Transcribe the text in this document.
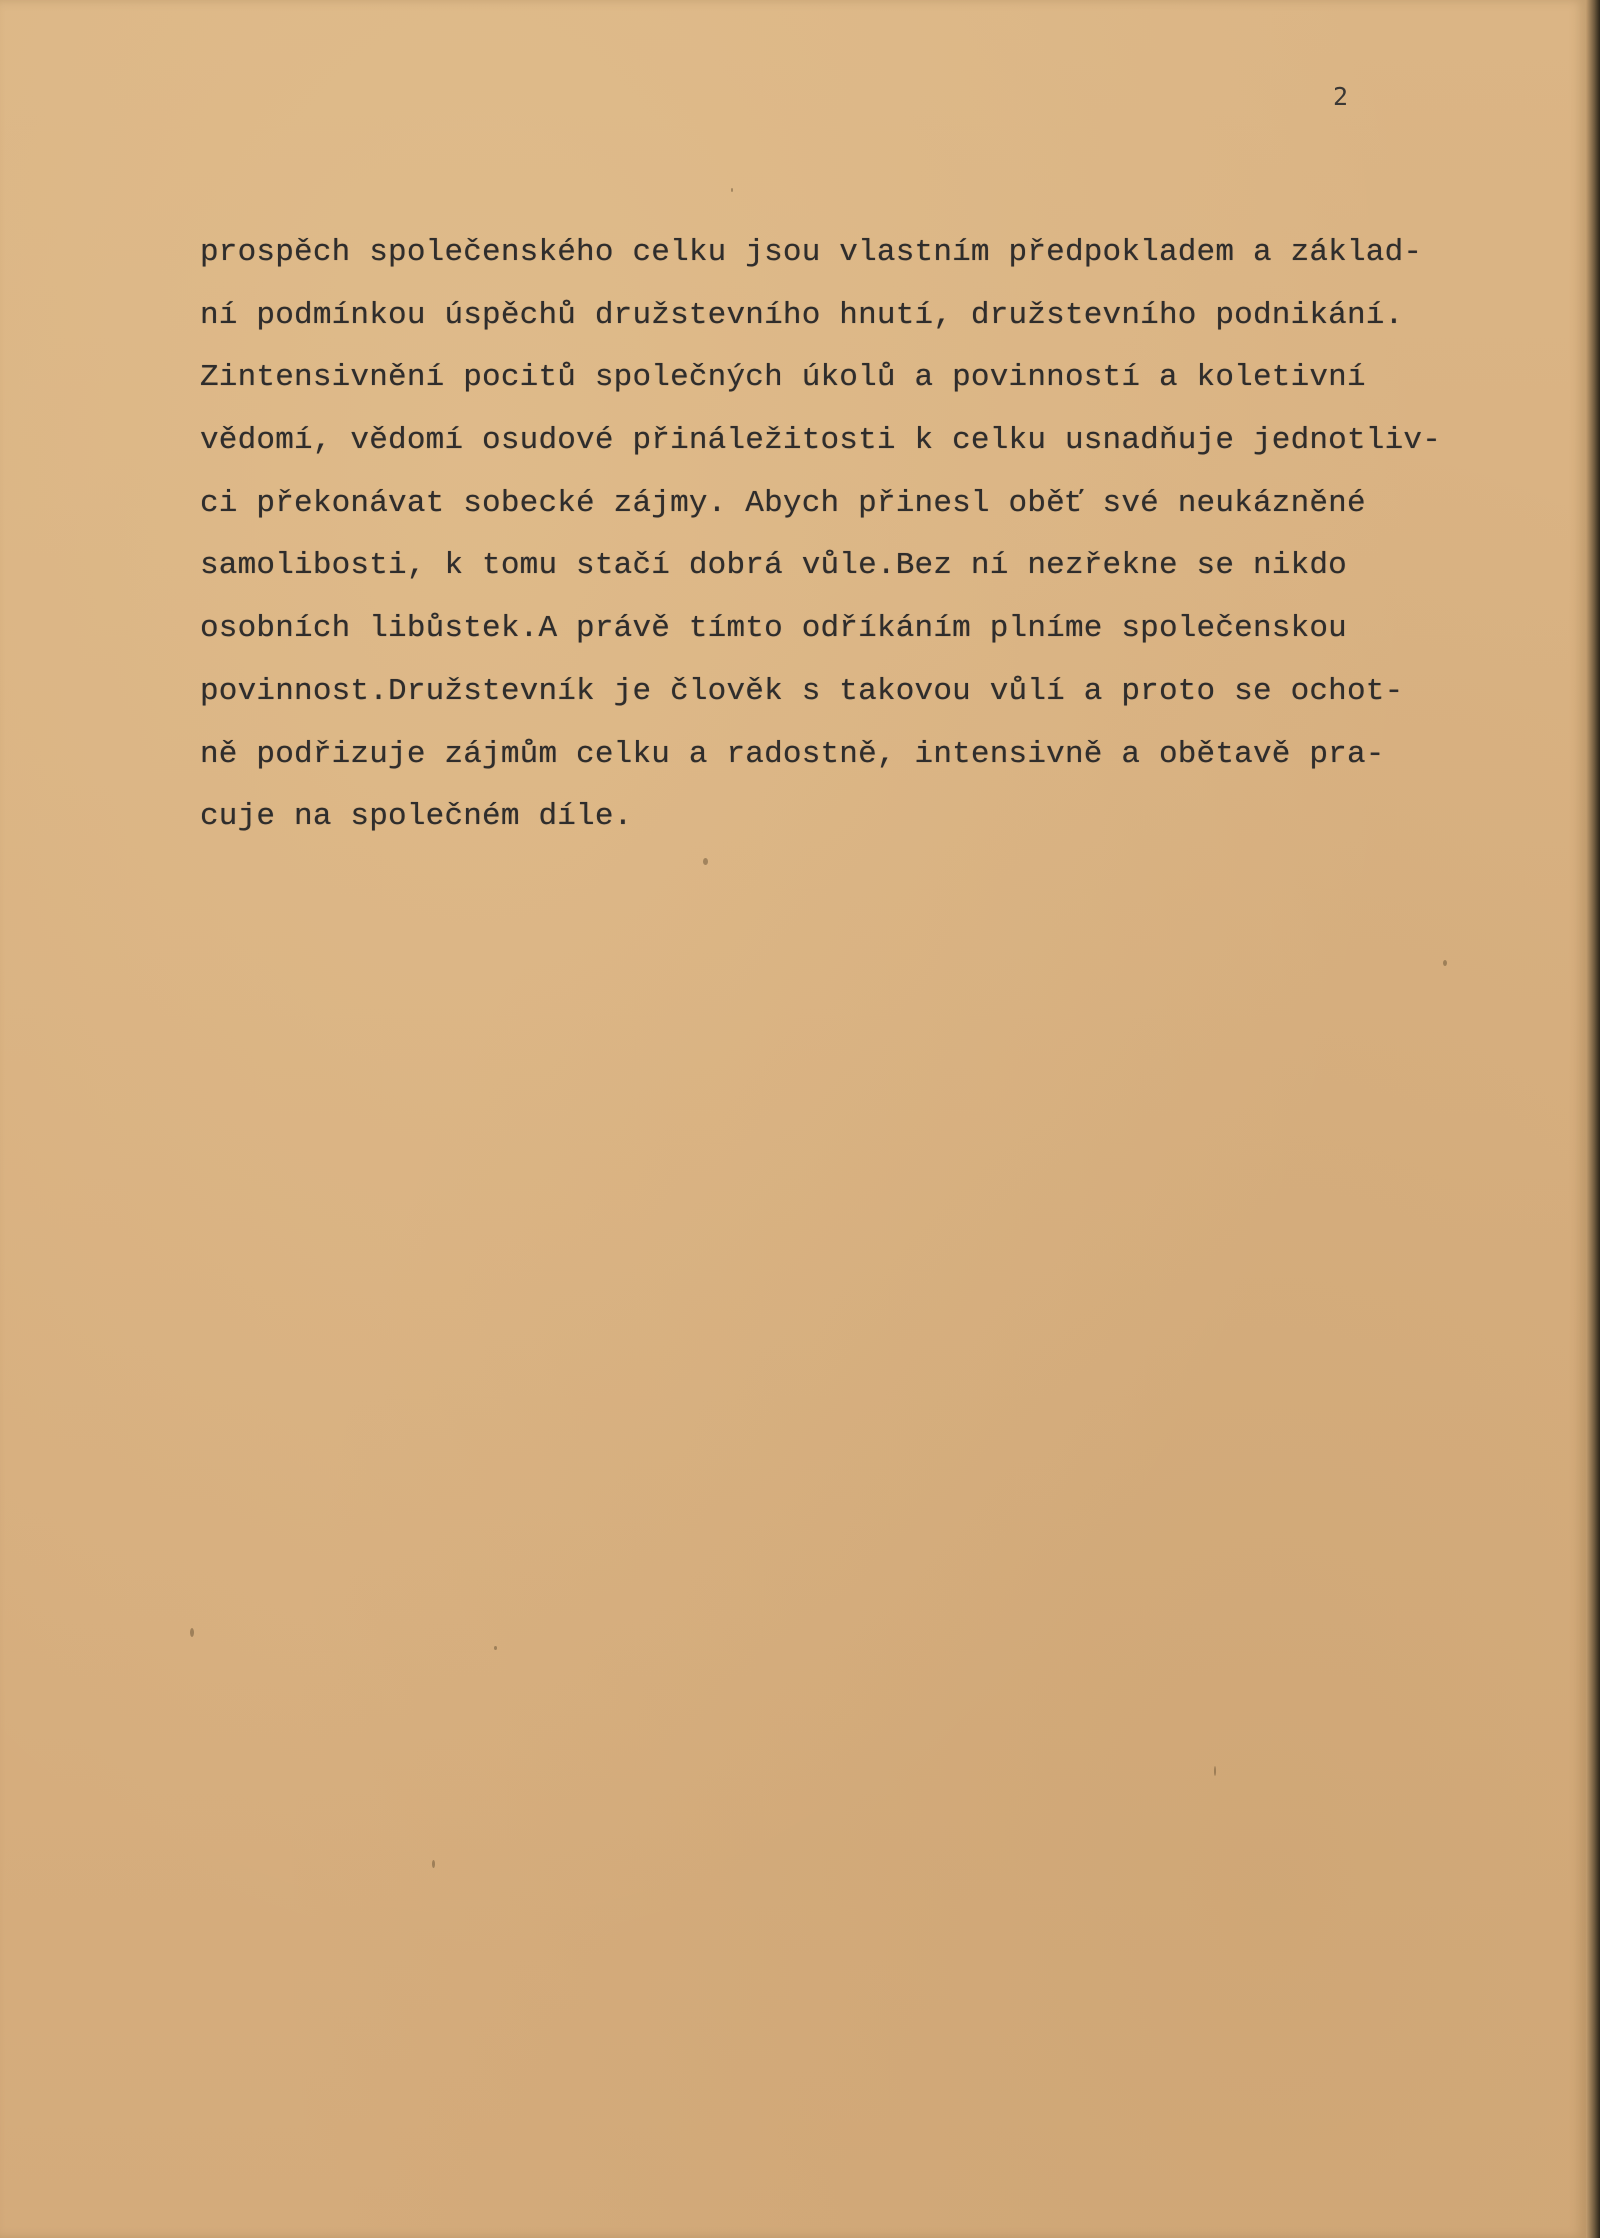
2
prospěch společenského celku jsou vlastním předpokladem a základ-
ní podmínkou úspěchů družstevního hnutí, družstevního podnikání.
Zintensivnění pocitů společných úkolů a povinností a koletivní
vědomí, vědomí osudové přináležitosti k celku usnadňuje jednotliv-
ci překonávat sobecké zájmy. Abych přinesl oběť své neukázněné
samolibosti, k tomu stačí dobrá vůle.Bez ní nezřekne se nikdo
osobních libůstek.A právě tímto odříkáním plníme společenskou
povinnost.Družstevník je člověk s takovou vůlí a proto se ochot-
ně podřizuje zájmům celku a radostně, intensivně a obětavě pra-
cuje na společném díle.
